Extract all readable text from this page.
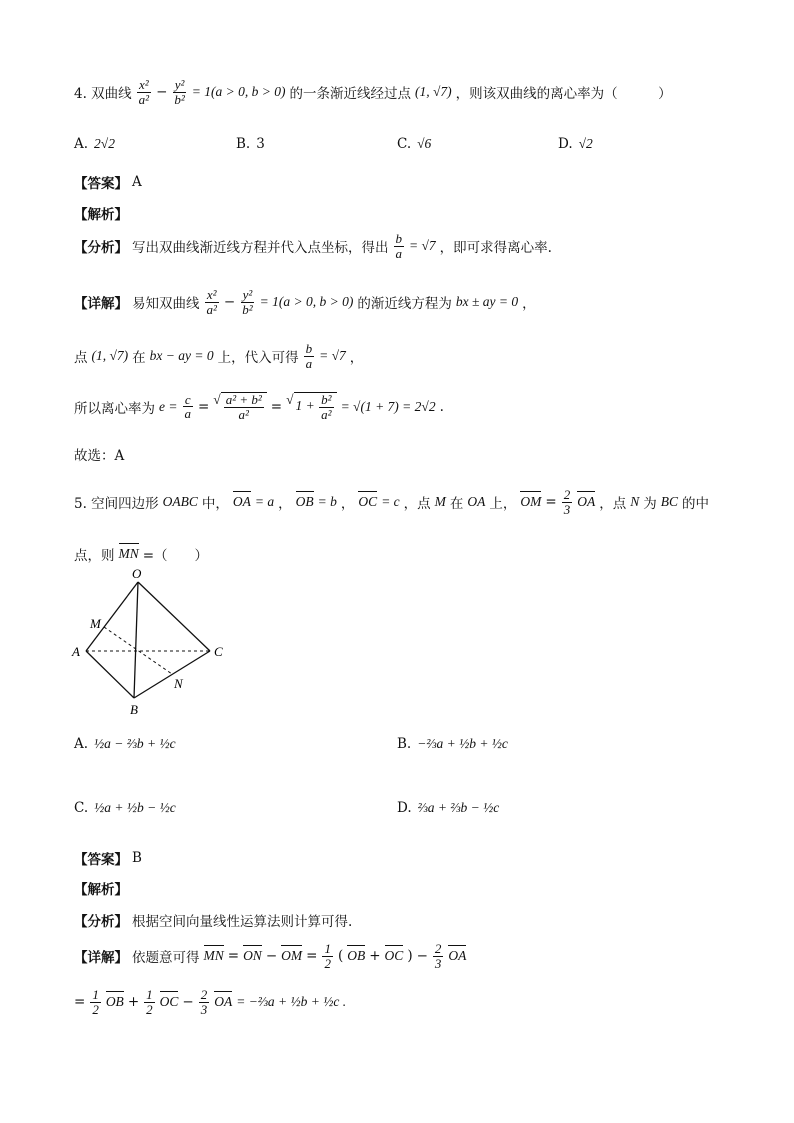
4. 双曲线 $\frac{\text{x²}}{\text{a²}} - \frac{\text{y²}}{\text{b²}} = 1(a > 0$, b > 0) 的一条渐近线经过点 (1, √7) ，则该双曲线的离心率为（　　　）
A. 2√2	B. 3	C. √6	D. √2
【答案】 A
【解析】
【分析】 写出双曲线渐近线方程并代入点坐标，得出 $\frac{b}{a} = √7$ ，即可求得离心率.
【详解】 易知双曲线 $\frac{\text{x²}}{\text{a²}} - \frac{\text{y²}}{\text{b²}} = 1(a > 0$, b > 0) 的渐近线方程为 bx ± ay = 0 ，
点 (1, √7) 在 bx − ay = 0 上，代入可得 $\frac{b}{a} = √7$ ，
所以离心率为 $e = \frac{c}{a}$ = √ $\frac{\text{a² + b²}}{\text{a²}}$ = √ $1 + \frac{\text{b²}}{\text{a²}} = √(1 + 7) = 2√2$ .
故选：A
5. 空间四边形 OABC 中， OA = a ， OB = b ， OC = c ，点 M 在 OA 上， OM = $\frac{2}{3}$ OA ，点 N 为 BC 的中
点，则 MN =（　　）
O
M
A	C
N
B
A. ½a − ⅔b + ½c	B. −⅔a + ½b + ½c
C. ½a + ½b − ½c	D. ⅔a + ⅔b − ½c
【答案】 B
【解析】
【分析】 根据空间向量线性运算法则计算可得.
【详解】 依题意可得 MN = ON − OM = $\frac{1}{2}$ ( OB + OC ) − $\frac{2}{3}$ OA
= $\frac{1}{2}$ OB + $\frac{1}{2}$ OC − $\frac{2}{3}$ OA = −⅔a + ½b + ½c .
